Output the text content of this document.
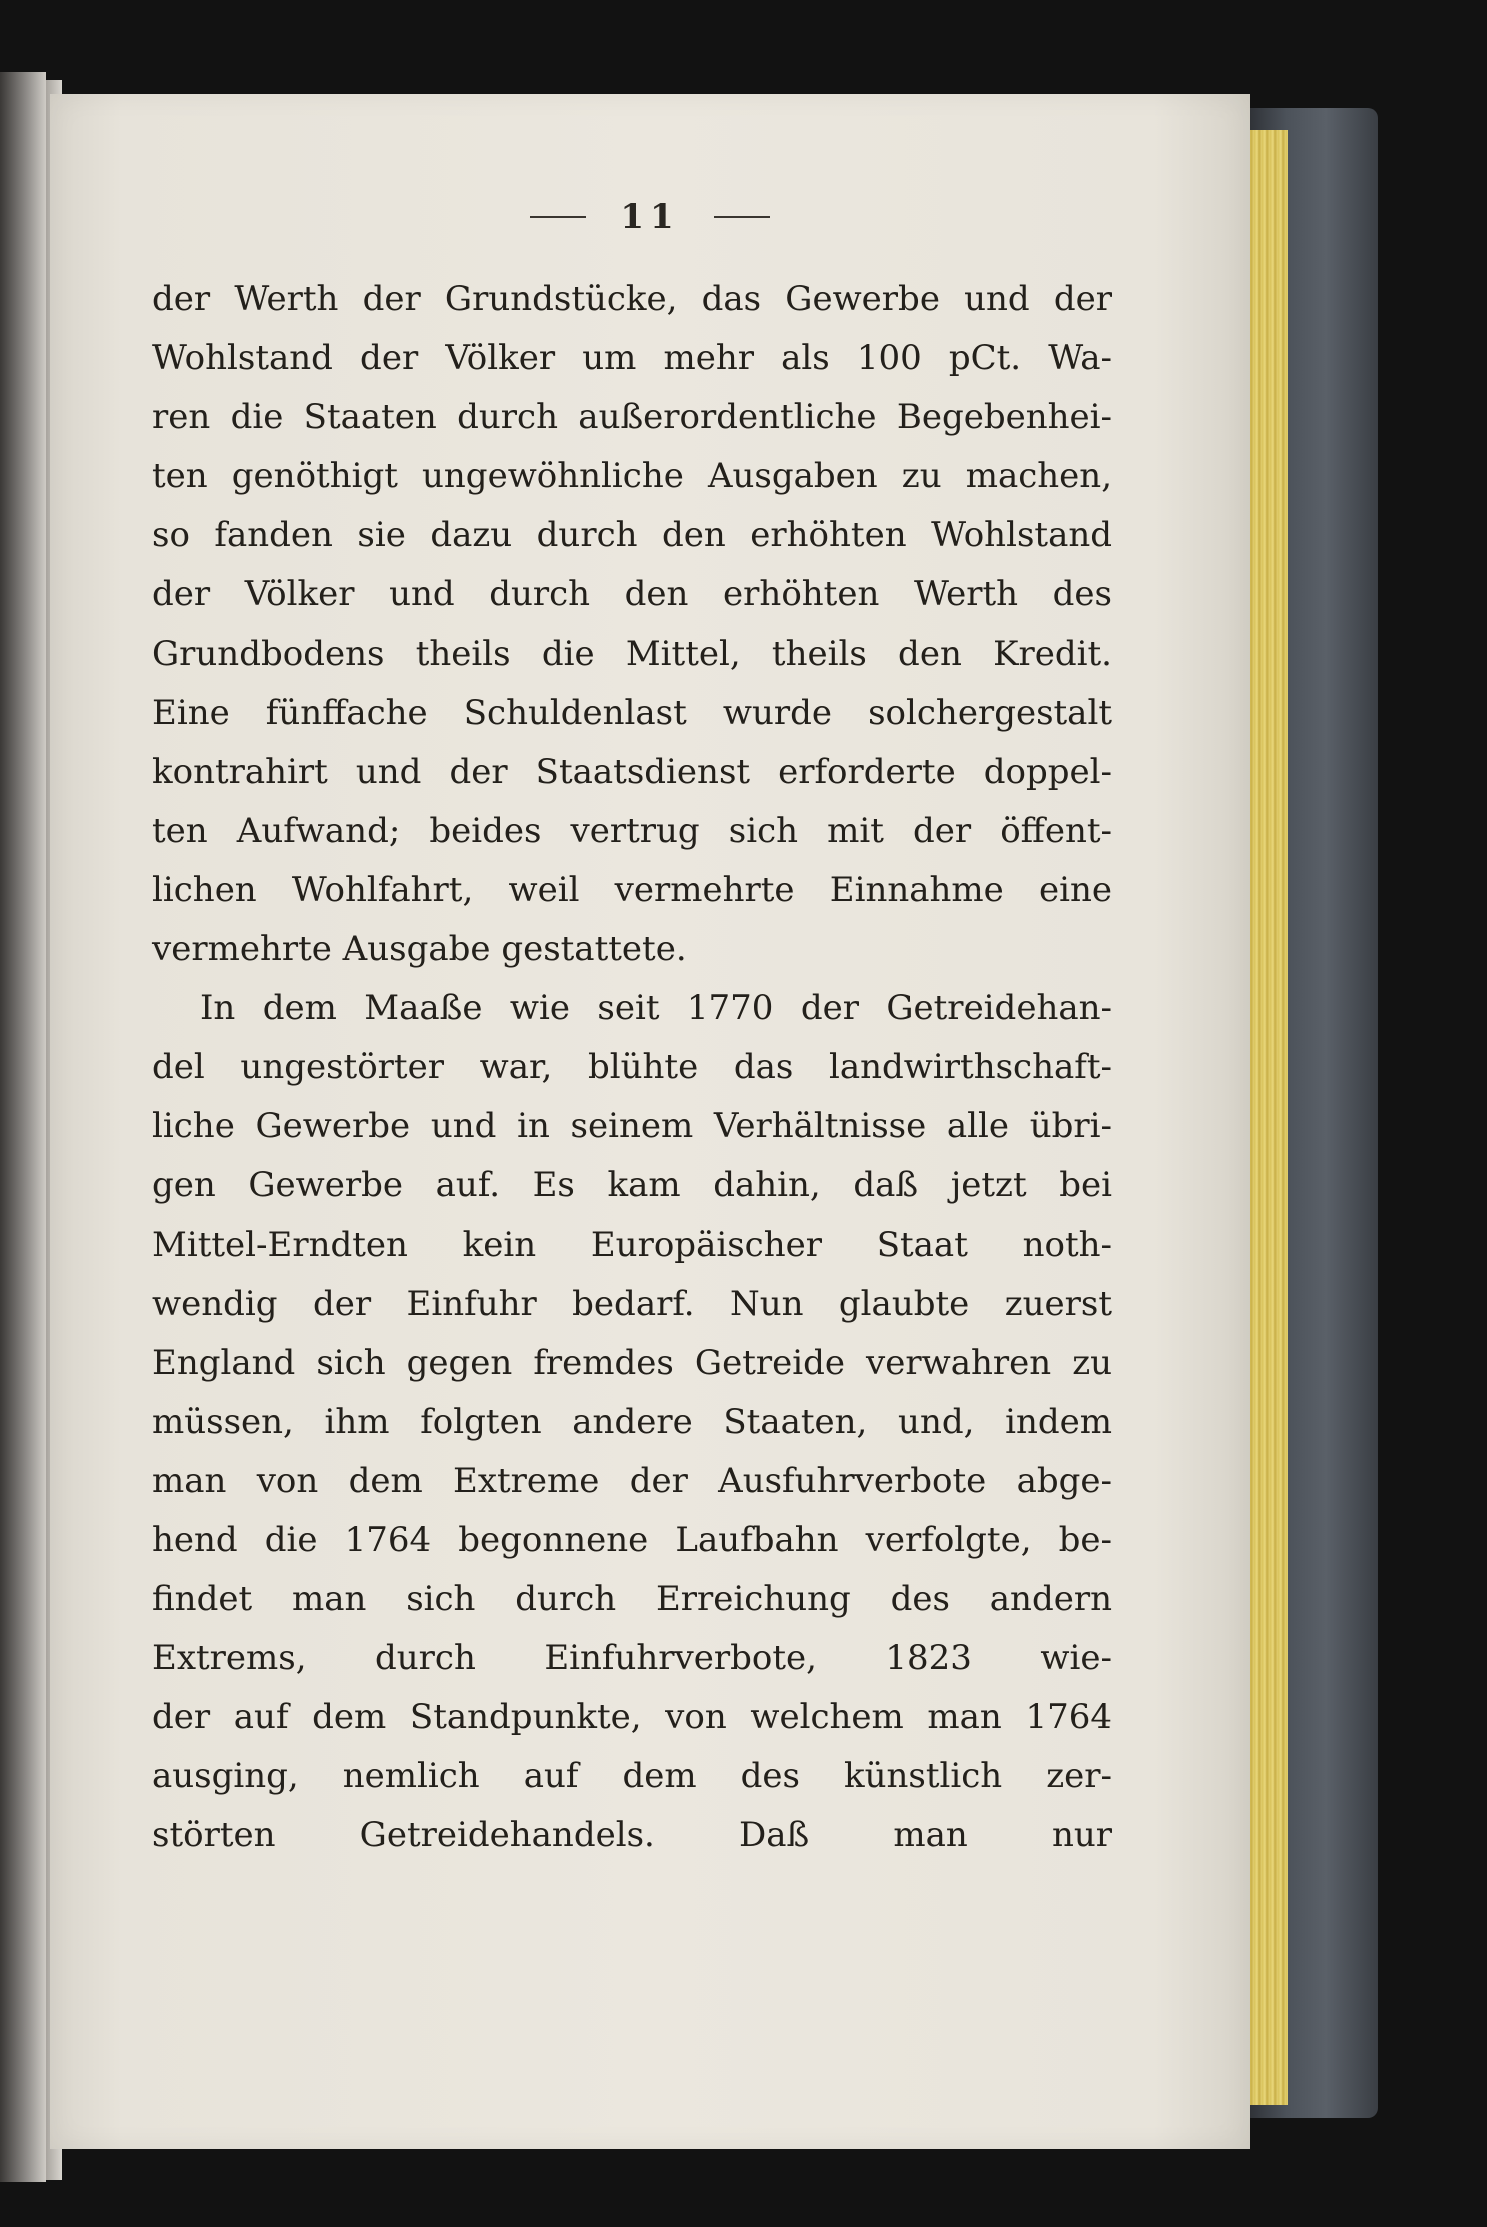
11
der Werth der Grundstücke, das Gewerbe und der
Wohlstand der Völker um mehr als 100 pCt. Wa-
ren die Staaten durch außerordentliche Begebenhei-
ten genöthigt ungewöhnliche Ausgaben zu machen,
so fanden sie dazu durch den erhöhten Wohlstand
der Völker und durch den erhöhten Werth des
Grundbodens theils die Mittel, theils den Kredit.
Eine fünffache Schuldenlast wurde solchergestalt
kontrahirt und der Staatsdienst erforderte doppel-
ten Aufwand; beides vertrug sich mit der öffent-
lichen Wohlfahrt, weil vermehrte Einnahme eine
vermehrte Ausgabe gestattete.
In dem Maaße wie seit 1770 der Getreidehan-
del ungestörter war, blühte das landwirthschaft-
liche Gewerbe und in seinem Verhältnisse alle übri-
gen Gewerbe auf. Es kam dahin, daß jetzt bei
Mittel-Erndten kein Europäischer Staat noth-
wendig der Einfuhr bedarf. Nun glaubte zuerst
England sich gegen fremdes Getreide verwahren zu
müssen, ihm folgten andere Staaten, und, indem
man von dem Extreme der Ausfuhrverbote abge-
hend die 1764 begonnene Laufbahn verfolgte, be-
findet man sich durch Erreichung des andern
Extrems, durch Einfuhrverbote, 1823 wie-
der auf dem Standpunkte, von welchem man 1764
ausging, nemlich auf dem des künstlich zer-
störten Getreidehandels. Daß man nur
